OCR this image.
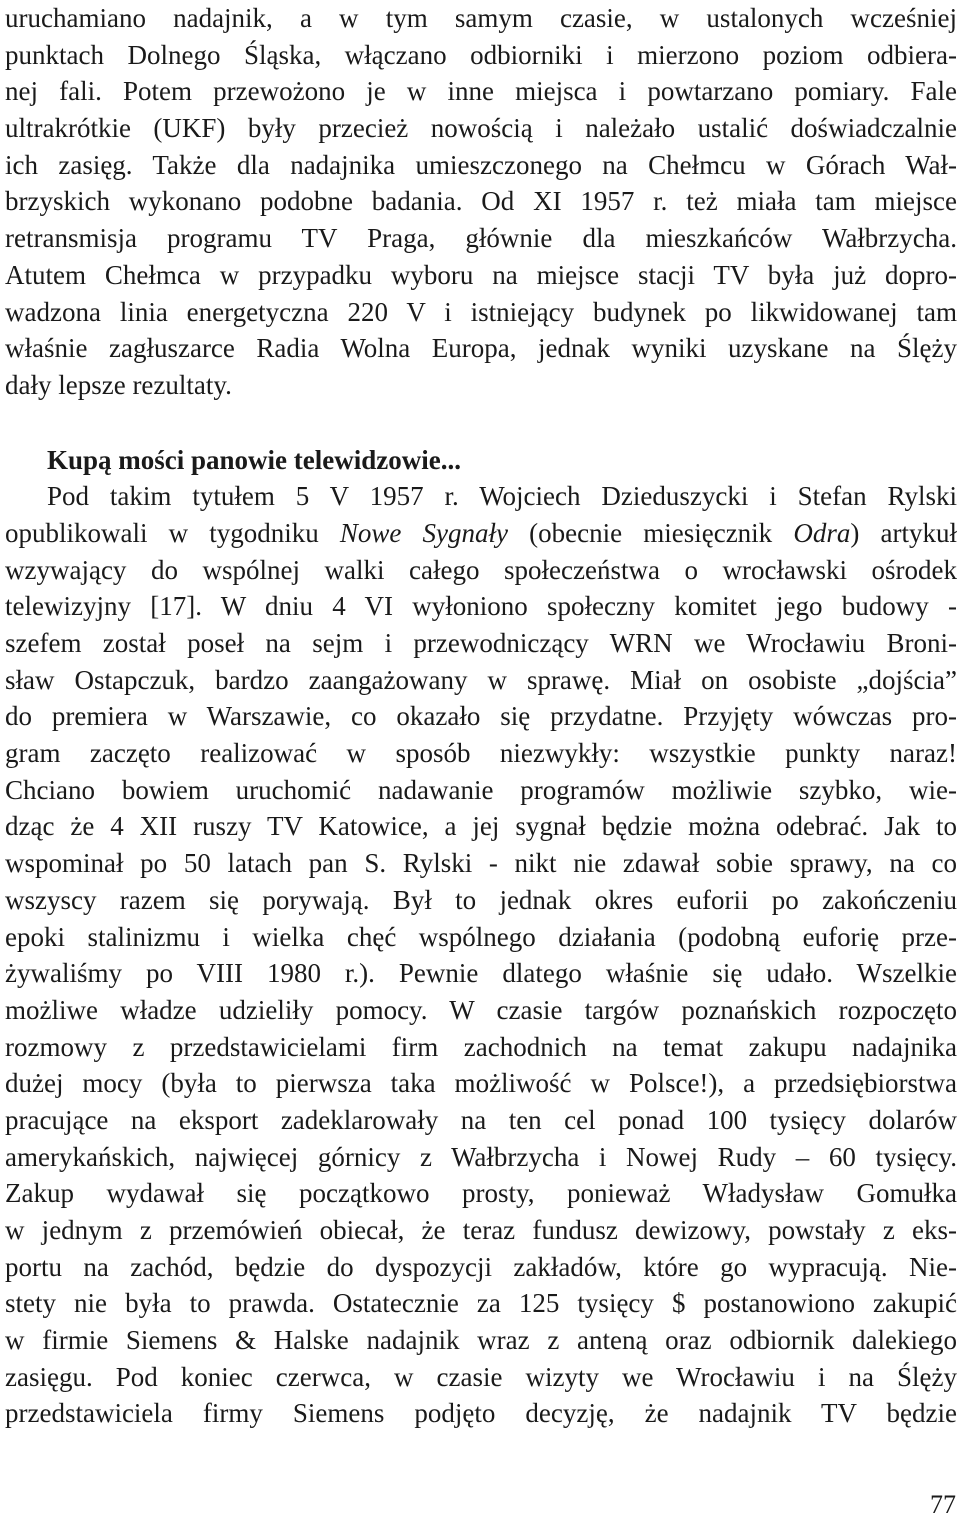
uruchamiano nadajnik, a w tym samym czasie, w ustalonych wcześniej
punktach Dolnego Śląska, włączano odbiorniki i mierzono poziom odbiera-
nej fali. Potem przewożono je w inne miejsca i powtarzano pomiary. Fale
ultrakrótkie (UKF) były przecież nowością i należało ustalić doświadczalnie
ich zasięg. Także dla nadajnika umieszczonego na Chełmcu w Górach Wał-
brzyskich wykonano podobne badania. Od XI 1957 r. też miała tam miejsce
retransmisja programu TV Praga, głównie dla mieszkańców Wałbrzycha.
Atutem Chełmca w przypadku wyboru na miejsce stacji TV była już dopro-
wadzona linia energetyczna 220 V i istniejący budynek po likwidowanej tam
właśnie zagłuszarce Radia Wolna Europa, jednak wyniki uzyskane na Ślęży
dały lepsze rezultaty.
Kupą mości panowie telewidzowie...
Pod takim tytułem 5 V 1957 r. Wojciech Dzieduszycki i Stefan Rylski
opublikowali w tygodniku Nowe Sygnały (obecnie miesięcznik Odra) artykuł
wzywający do wspólnej walki całego społeczeństwa o wrocławski ośrodek
telewizyjny [17]. W dniu 4 VI wyłoniono społeczny komitet jego budowy -
szefem został poseł na sejm i przewodniczący WRN we Wrocławiu Broni-
sław Ostapczuk, bardzo zaangażowany w sprawę. Miał on osobiste „dojścia”
do premiera w Warszawie, co okazało się przydatne. Przyjęty wówczas pro-
gram zaczęto realizować w sposób niezwykły: wszystkie punkty naraz!
Chciano bowiem uruchomić nadawanie programów możliwie szybko, wie-
dząc że 4 XII ruszy TV Katowice, a jej sygnał będzie można odebrać. Jak to
wspominał po 50 latach pan S. Rylski - nikt nie zdawał sobie sprawy, na co
wszyscy razem się porywają. Był to jednak okres euforii po zakończeniu
epoki stalinizmu i wielka chęć wspólnego działania (podobną euforię prze-
żywaliśmy po VIII 1980 r.). Pewnie dlatego właśnie się udało. Wszelkie
możliwe władze udzieliły pomocy. W czasie targów poznańskich rozpoczęto
rozmowy z przedstawicielami firm zachodnich na temat zakupu nadajnika
dużej mocy (była to pierwsza taka możliwość w Polsce!), a przedsiębiorstwa
pracujące na eksport zadeklarowały na ten cel ponad 100 tysięcy dolarów
amerykańskich, najwięcej górnicy z Wałbrzycha i Nowej Rudy – 60 tysięcy.
Zakup wydawał się początkowo prosty, ponieważ Władysław Gomułka
w jednym z przemówień obiecał, że teraz fundusz dewizowy, powstały z eks-
portu na zachód, będzie do dyspozycji zakładów, które go wypracują. Nie-
stety nie była to prawda. Ostatecznie za 125 tysięcy $ postanowiono zakupić
w firmie Siemens & Halske nadajnik wraz z anteną oraz odbiornik dalekiego
zasięgu. Pod koniec czerwca, w czasie wizyty we Wrocławiu i na Ślęży
przedstawiciela firmy Siemens podjęto decyzję, że nadajnik TV będzie
77
